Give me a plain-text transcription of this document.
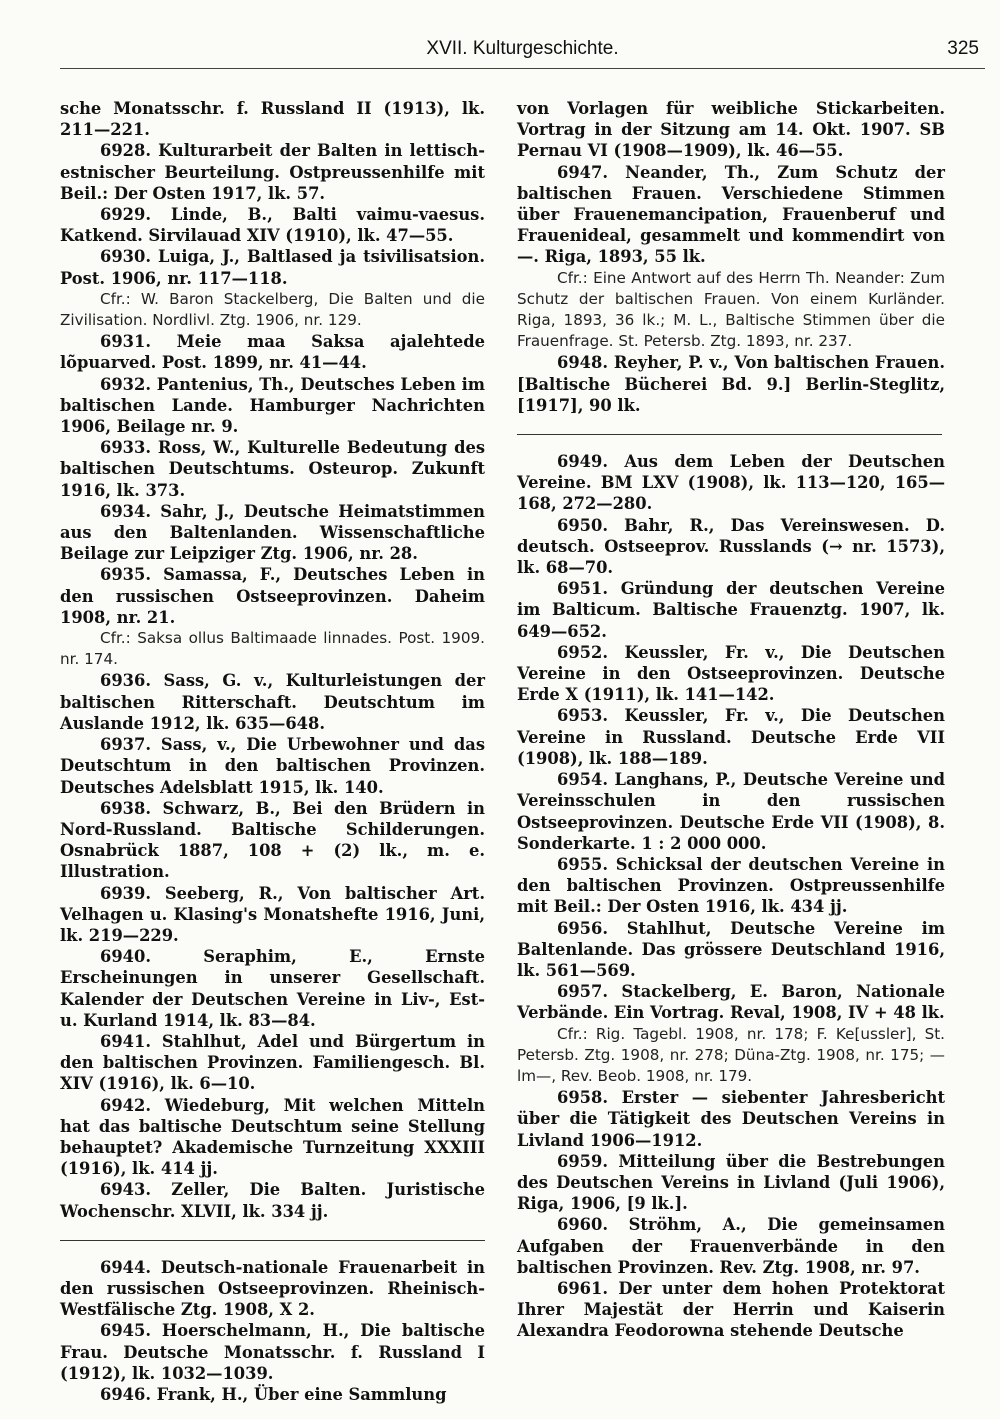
XVII. Kulturgeschichte.	325

sche Monatsschr. f. Russland II (1913), lk. 211—221.

6928. Kulturarbeit der Balten in lettisch-estnischer Beurteilung. Ostpreussenhilfe mit Beil.: Der Osten 1917, lk. 57.

6929. Linde, B., Balti vaimu-vaesus. Katkend. Sirvilauad XIV (1910), lk. 47—55.

6930. Luiga, J., Baltlased ja tsivilisatsion. Post. 1906, nr. 117—118.

Cfr.: W. Baron Stackelberg, Die Balten und die Zivilisation. Nordlivl. Ztg. 1906, nr. 129.

6931. Meie maa Saksa ajalehtede lõpuarved. Post. 1899, nr. 41—44.

6932. Pantenius, Th., Deutsches Leben im baltischen Lande. Hamburger Nachrichten 1906, Beilage nr. 9.

6933. Ross, W., Kulturelle Bedeutung des baltischen Deutschtums. Osteurop. Zukunft 1916, lk. 373.

6934. Sahr, J., Deutsche Heimatstimmen aus den Baltenlanden. Wissenschaftliche Beilage zur Leipziger Ztg. 1906, nr. 28.

6935. Samassa, F., Deutsches Leben in den russischen Ostseeprovinzen. Daheim 1908, nr. 21.

Cfr.: Saksa ollus Baltimaade linnades. Post. 1909. nr. 174.

6936. Sass, G. v., Kulturleistungen der baltischen Ritterschaft. Deutschtum im Auslande 1912, lk. 635—648.

6937. Sass, v., Die Urbewohner und das Deutschtum in den baltischen Provinzen. Deutsches Adelsblatt 1915, lk. 140.

6938. Schwarz, B., Bei den Brüdern in Nord-Russland. Baltische Schilderungen. Osnabrück 1887, 108 + (2) lk., m. e. Illustration.

6939. Seeberg, R., Von baltischer Art. Velhagen u. Klasing's Monatshefte 1916, Juni, lk. 219—229.

6940. Seraphim, E., Ernste Erscheinungen in unserer Gesellschaft. Kalender der Deutschen Vereine in Liv-, Est- u. Kurland 1914, lk. 83—84.

6941. Stahlhut, Adel und Bürgertum in den baltischen Provinzen. Familiengesch. Bl. XIV (1916), lk. 6—10.

6942. Wiedeburg, Mit welchen Mitteln hat das baltische Deutschtum seine Stellung behauptet? Akademische Turnzeitung XXXIII (1916), lk. 414 jj.

6943. Zeller, Die Balten. Juristische Wochenschr. XLVII, lk. 334 jj.

6944. Deutsch-nationale Frauenarbeit in den russischen Ostseeprovinzen. Rheinisch-Westfälische Ztg. 1908, X 2.

6945. Hoerschelmann, H., Die baltische Frau. Deutsche Monatsschr. f. Russland I (1912), lk. 1032—1039.

6946. Frank, H., Über eine Sammlung

von Vorlagen für weibliche Stickarbeiten. Vortrag in der Sitzung am 14. Okt. 1907. SB Pernau VI (1908—1909), lk. 46—55.

6947. Neander, Th., Zum Schutz der baltischen Frauen. Verschiedene Stimmen über Frauenemancipation, Frauenberuf und Frauenideal, gesammelt und kommendirt von —. Riga, 1893, 55 lk.

Cfr.: Eine Antwort auf des Herrn Th. Neander: Zum Schutz der baltischen Frauen. Von einem Kurländer. Riga, 1893, 36 lk.; M. L., Baltische Stimmen über die Frauenfrage. St. Petersb. Ztg. 1893, nr. 237.

6948. Reyher, P. v., Von baltischen Frauen. [Baltische Bücherei Bd. 9.] Berlin-Steglitz, [1917], 90 lk.

6949. Aus dem Leben der Deutschen Vereine. BM LXV (1908), lk. 113—120, 165—168, 272—280.

6950. Bahr, R., Das Vereinswesen. D. deutsch. Ostseeprov. Russlands (→ nr. 1573), lk. 68—70.

6951. Gründung der deutschen Vereine im Balticum. Baltische Frauenztg. 1907, lk. 649—652.

6952. Keussler, Fr. v., Die Deutschen Vereine in den Ostseeprovinzen. Deutsche Erde X (1911), lk. 141—142.

6953. Keussler, Fr. v., Die Deutschen Vereine in Russland. Deutsche Erde VII (1908), lk. 188—189.

6954. Langhans, P., Deutsche Vereine und Vereinsschulen in den russischen Ostseeprovinzen. Deutsche Erde VII (1908), 8. Sonderkarte. 1 : 2 000 000.

6955. Schicksal der deutschen Vereine in den baltischen Provinzen. Ostpreussenhilfe mit Beil.: Der Osten 1916, lk. 434 jj.

6956. Stahlhut, Deutsche Vereine im Baltenlande. Das grössere Deutschland 1916, lk. 561—569.

6957. Stackelberg, E. Baron, Nationale Verbände. Ein Vortrag. Reval, 1908, IV + 48 lk.

Cfr.: Rig. Tagebl. 1908, nr. 178; F. Ke[ussler], St. Petersb. Ztg. 1908, nr. 278; Düna-Ztg. 1908, nr. 175; —lm—, Rev. Beob. 1908, nr. 179.

6958. Erster — siebenter Jahresbericht über die Tätigkeit des Deutschen Vereins in Livland 1906—1912.

6959. Mitteilung über die Bestrebungen des Deutschen Vereins in Livland (Juli 1906), Riga, 1906, [9 lk.].

6960. Ströhm, A., Die gemeinsamen Aufgaben der Frauenverbände in den baltischen Provinzen. Rev. Ztg. 1908, nr. 97.

6961. Der unter dem hohen Protektorat Ihrer Majestät der Herrin und Kaiserin Alexandra Feodorowna stehende Deutsche
